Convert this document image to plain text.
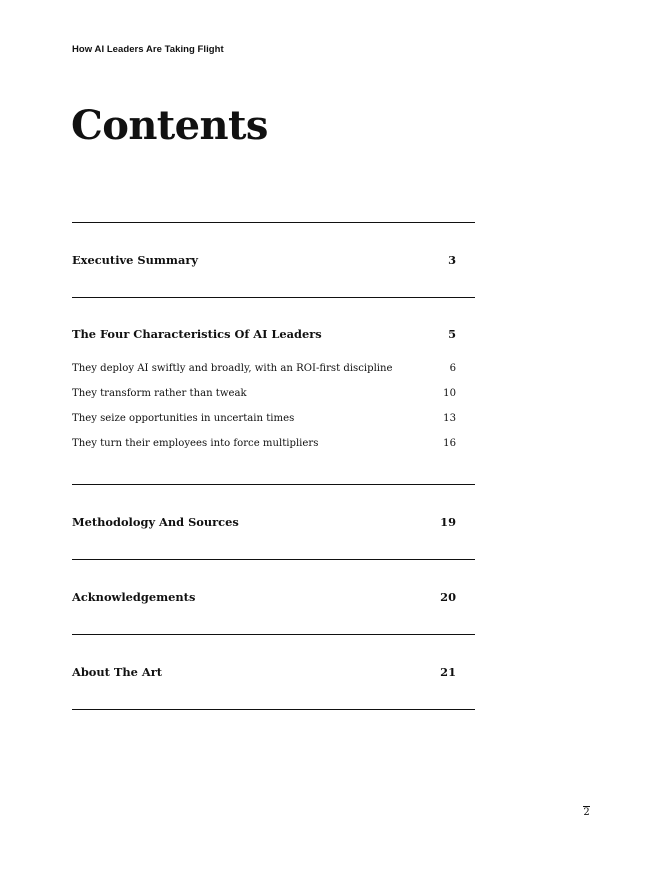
How AI Leaders Are Taking Flight
Contents
Executive Summary	3
The Four Characteristics Of AI Leaders	5
They deploy AI swiftly and broadly, with an ROI-first discipline	6
They transform rather than tweak	10
They seize opportunities in uncertain times	13
They turn their employees into force multipliers	16
Methodology And Sources	19
Acknowledgements	20
About The Art	21
2
